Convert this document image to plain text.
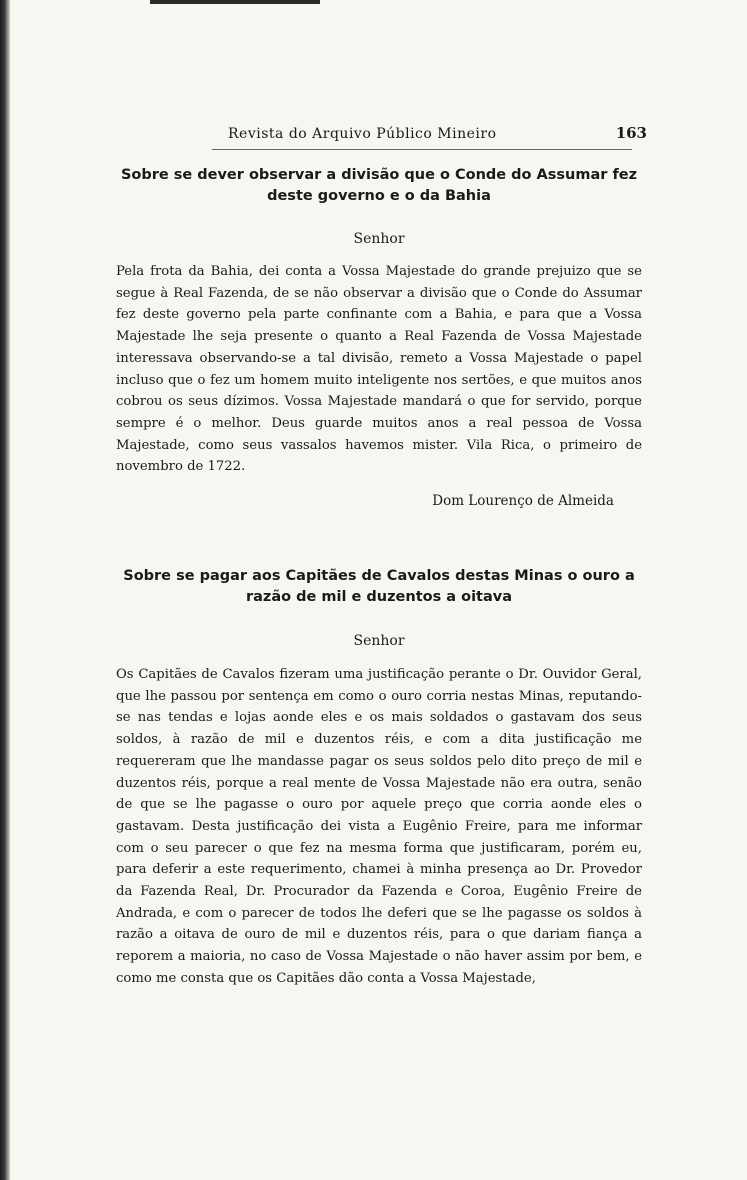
Revista do Arquivo Público Mineiro	163
Sobre se dever observar a divisão que o Conde do Assumar fez deste governo e o da Bahia

Senhor

Pela frota da Bahia, dei conta a Vossa Majestade do grande prejuizo que se segue à Real Fazenda, de se não observar a divisão que o Conde do Assumar fez deste governo pela parte confinante com a Bahia, e para que a Vossa Majestade lhe seja presente o quanto a Real Fazenda de Vossa Majestade interessava observando-se a tal divisão, remeto a Vossa Majestade o papel incluso que o fez um homem muito inteligente nos sertões, e que muitos anos cobrou os seus dízimos. Vossa Majestade mandará o que for servido, porque sempre é o melhor. Deus guarde muitos anos a real pessoa de Vossa Majestade, como seus vassalos havemos mister. Vila Rica, o primeiro de novembro de 1722.

Dom Lourenço de Almeida

Sobre se pagar aos Capitães de Cavalos destas Minas o ouro a razão de mil e duzentos a oitava

Senhor

Os Capitães de Cavalos fizeram uma justificação perante o Dr. Ouvidor Geral, que lhe passou por sentença em como o ouro corria nestas Minas, reputando-se nas tendas e lojas aonde eles e os mais soldados o gastavam dos seus soldos, à razão de mil e duzentos réis, e com a dita justificação me requereram que lhe mandasse pagar os seus soldos pelo dito preço de mil e duzentos réis, porque a real mente de Vossa Majestade não era outra, senão de que se lhe pagasse o ouro por aquele preço que corria aonde eles o gastavam. Desta justificação dei vista a Eugênio Freire, para me informar com o seu parecer o que fez na mesma forma que justificaram, porém eu, para deferir a este requerimento, chamei à minha presença ao Dr. Provedor da Fazenda Real, Dr. Procurador da Fazenda e Coroa, Eugênio Freire de Andrada, e com o parecer de todos lhe deferi que se lhe pagasse os soldos à razão a oitava de ouro de mil e duzentos réis, para o que dariam fiança a reporem a maioria, no caso de Vossa Majestade o não haver assim por bem, e como me consta que os Capitães dão conta a Vossa Majestade,
